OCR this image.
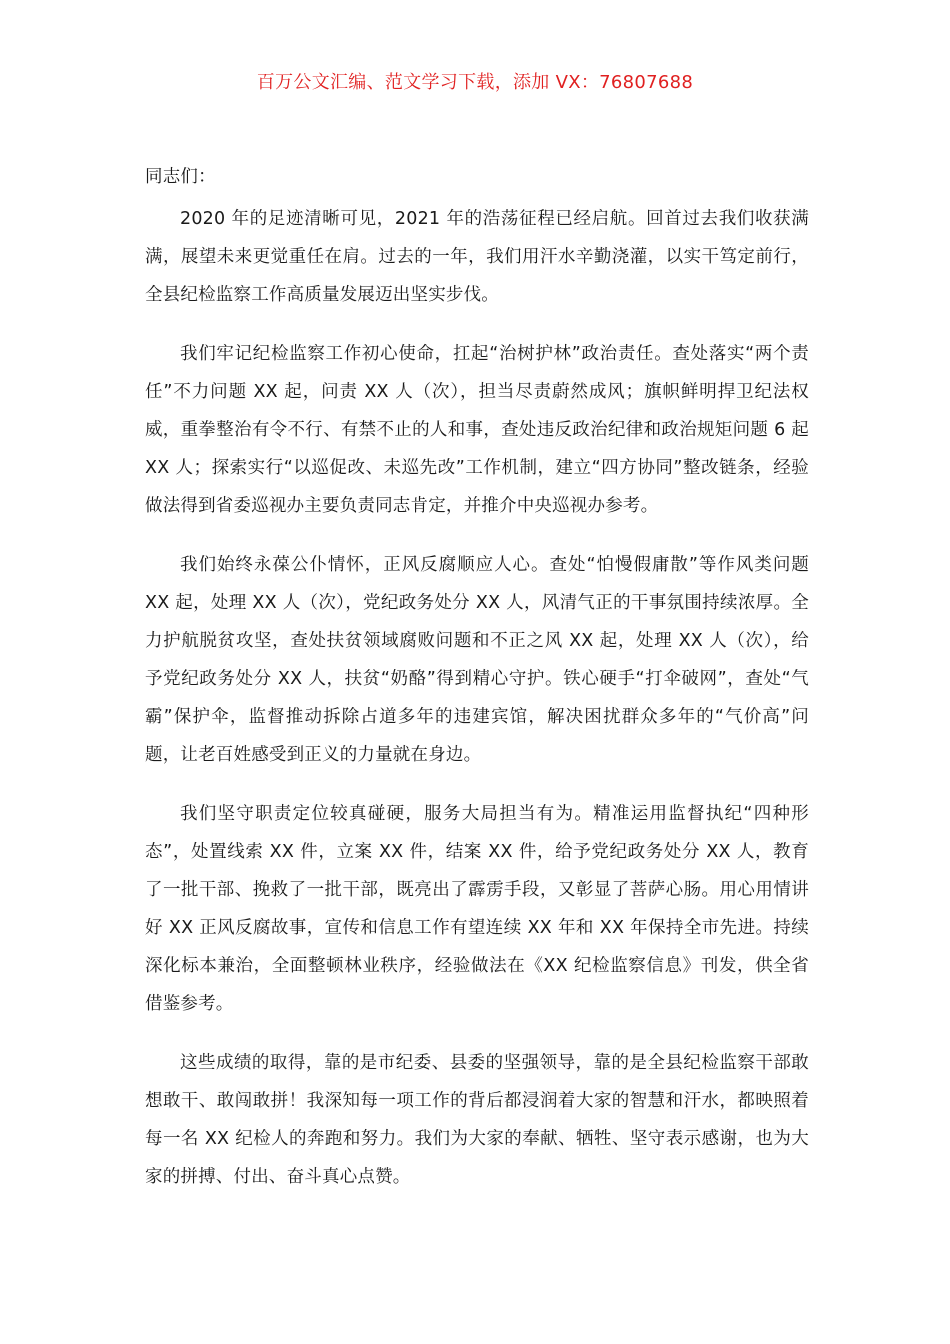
百万公文汇编、范文学习下载，添加 VX：76807688

同志们：

2020 年的足迹清晰可见，2021 年的浩荡征程已经启航。回首过去我们收获满满，展望未来更觉重任在肩。过去的一年，我们用汗水辛勤浇灌，以实干笃定前行，全县纪检监察工作高质量发展迈出坚实步伐。

我们牢记纪检监察工作初心使命，扛起“治树护林”政治责任。查处落实“两个责任”不力问题 XX 起，问责 XX 人（次），担当尽责蔚然成风；旗帜鲜明捍卫纪法权威，重拳整治有令不行、有禁不止的人和事，查处违反政治纪律和政治规矩问题 6 起 XX 人；探索实行“以巡促改、未巡先改”工作机制，建立“四方协同”整改链条，经验做法得到省委巡视办主要负责同志肯定，并推介中央巡视办参考。

我们始终永葆公仆情怀，正风反腐顺应人心。查处“怕慢假庸散”等作风类问题 XX 起，处理 XX 人（次），党纪政务处分 XX 人，风清气正的干事氛围持续浓厚。全力护航脱贫攻坚，查处扶贫领域腐败问题和不正之风 XX 起，处理 XX 人（次），给予党纪政务处分 XX 人，扶贫“奶酪”得到精心守护。铁心硬手“打伞破网”，查处“气霸”保护伞，监督推动拆除占道多年的违建宾馆，解决困扰群众多年的“气价高”问题，让老百姓感受到正义的力量就在身边。

我们坚守职责定位较真碰硬，服务大局担当有为。精准运用监督执纪“四种形态”，处置线索 XX 件，立案 XX 件，结案 XX 件，给予党纪政务处分 XX 人，教育了一批干部、挽救了一批干部，既亮出了霹雳手段，又彰显了菩萨心肠。用心用情讲好 XX 正风反腐故事，宣传和信息工作有望连续 XX 年和 XX 年保持全市先进。持续深化标本兼治，全面整顿林业秩序，经验做法在《XX 纪检监察信息》刊发，供全省借鉴参考。

这些成绩的取得，靠的是市纪委、县委的坚强领导，靠的是全县纪检监察干部敢想敢干、敢闯敢拼！我深知每一项工作的背后都浸润着大家的智慧和汗水，都映照着每一名 XX 纪检人的奔跑和努力。我们为大家的奉献、牺牲、坚守表示感谢，也为大家的拼搏、付出、奋斗真心点赞。
